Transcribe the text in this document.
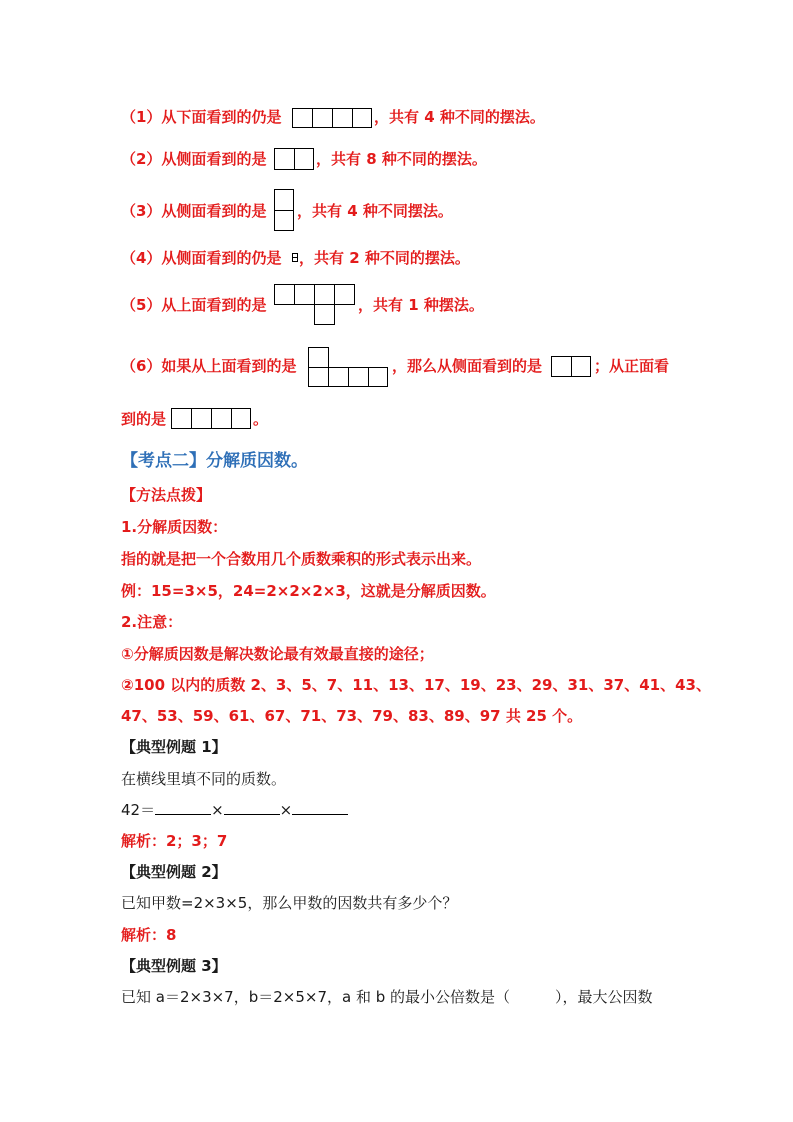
（1）从下面看到的仍是	，共有 4 种不同的摆法。
（2）从侧面看到的是	，共有 8 种不同的摆法。
（3）从侧面看到的是 ，共有 4 种不同摆法。
（4）从侧面看到的仍是 ，共有 2 种不同的摆法。
（5）从上面看到的是	，共有 1 种摆法。
（6）如果从上面看到的是	，那么从侧面看到的是	；从正面看
到的是	。
【考点二】分解质因数。
【方法点拨】
1.分解质因数：
指的就是把一个合数用几个质数乘积的形式表示出来。
例：15=3×5，24=2×2×2×3，这就是分解质因数。
2.注意：
①分解质因数是解决数论最有效最直接的途径；
②100 以内的质数 2、3、5、7、11、13、17、19、23、29、31、37、41、43、
47、53、59、61、67、71、73、79、83、89、97 共 25 个。
【典型例题 1】
在横线里填不同的质数。
42＝	×	×
解析：2；3；7
【典型例题 2】
已知甲数=2×3×5，那么甲数的因数共有多少个？
解析：8
【典型例题 3】
已知 a＝2×3×7，b＝2×5×7，a 和 b 的最小公倍数是（　　　），最大公因数
